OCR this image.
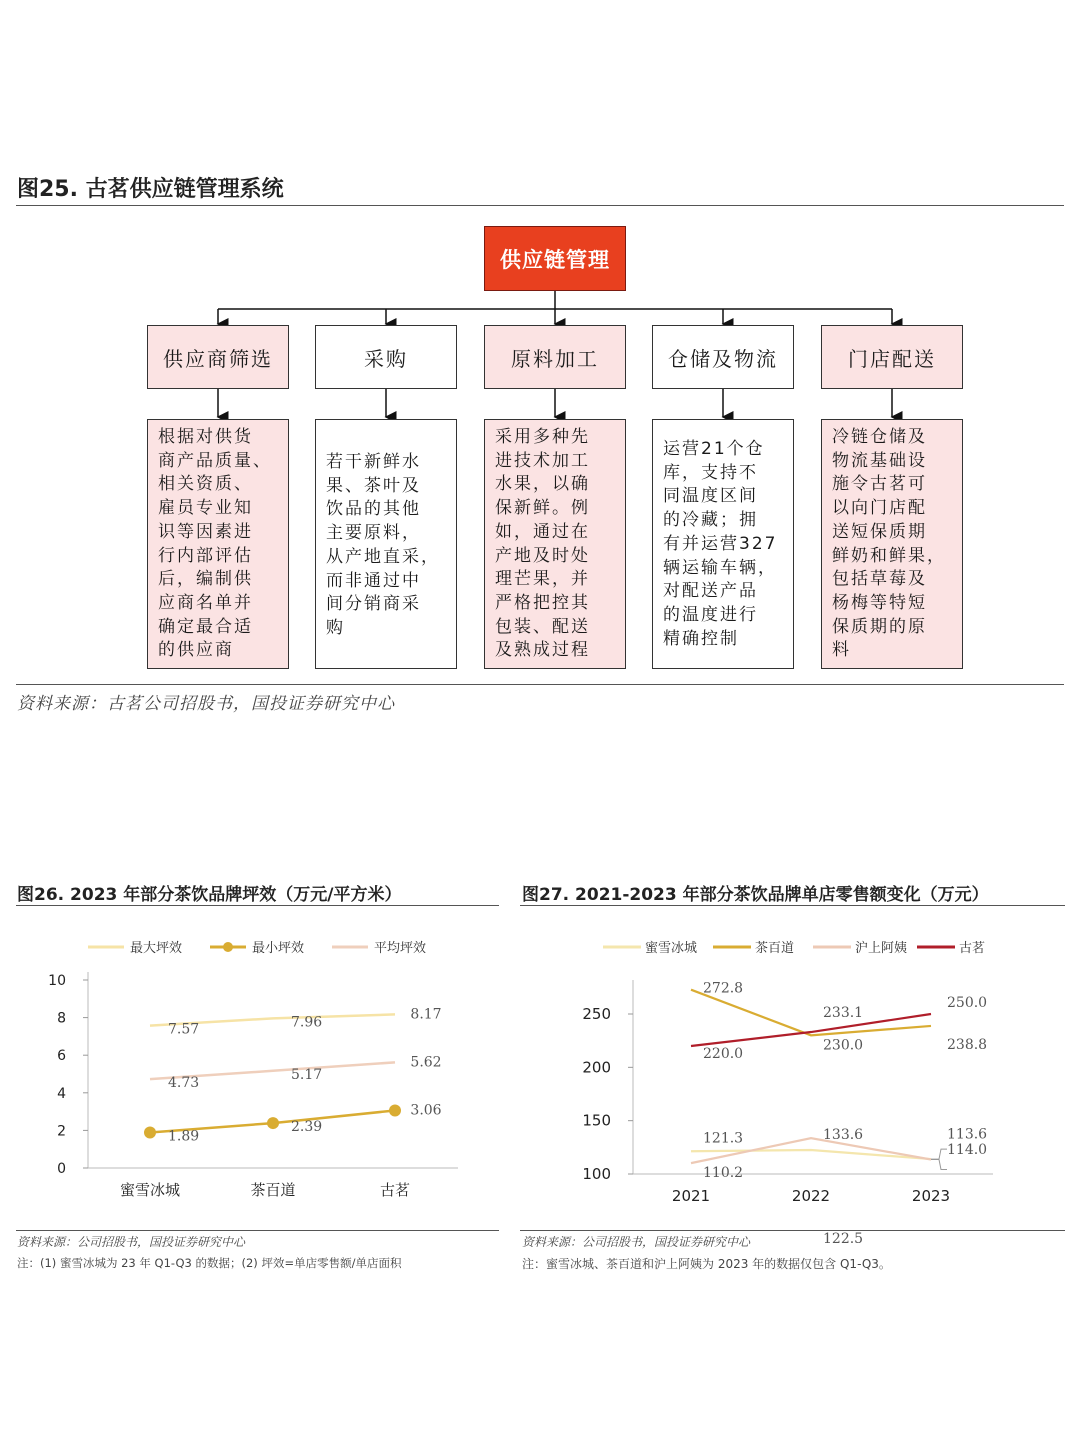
图25. 古茗供应链管理系统
供应链管理
供应商筛选	采购	原料加工	仓储及物流	门店配送
根据对供货
商产品质量、
相关资质、
雇员专业知
识等因素进
行内部评估
后，编制供
应商名单并
确定最合适
的供应商
若干新鲜水
果、茶叶及
饮品的其他
主要原料，
从产地直采，
而非通过中
间分销商采
购
采用多种先
进技术加工
水果，以确
保新鲜。例
如，通过在
产地及时处
理芒果，并
严格把控其
包装、配送
及熟成过程
运营21个仓
库，支持不
同温度区间
的冷藏；拥
有并运营327
辆运输车辆，
对配送产品
的温度进行
精确控制
冷链仓储及
物流基础设
施令古茗可
以向门店配
送短保质期
鲜奶和鲜果，
包括草莓及
杨梅等特短
保质期的原
料
资料来源：古茗公司招股书，国投证券研究中心
图26. 2023 年部分茶饮品牌坪效（万元/平方米）
最大坪效	最小坪效	平均坪效
0
2
4
6
8
10
蜜雪冰城	茶百道	古茗
7.57	7.96	8.17
1.89
2.39
3.06
4.73
5.17
5.62
资料来源：公司招股书，国投证券研究中心
注：(1) 蜜雪冰城为 23 年 Q1-Q3 的数据；(2) 坪效=单店零售额/单店面积
图27. 2021-2023 年部分茶饮品牌单店零售额变化（万元）
蜜雪冰城	茶百道	沪上阿姨	古茗
100
150
200
250
2021	2022	2023
121.3
122.5
114.0
272.8
230.0	238.8
110.2
133.6	113.6
220.0
233.1
250.0
资料来源：公司招股书，国投证券研究中心
注：蜜雪冰城、茶百道和沪上阿姨为 2023 年的数据仅包含 Q1-Q3。
